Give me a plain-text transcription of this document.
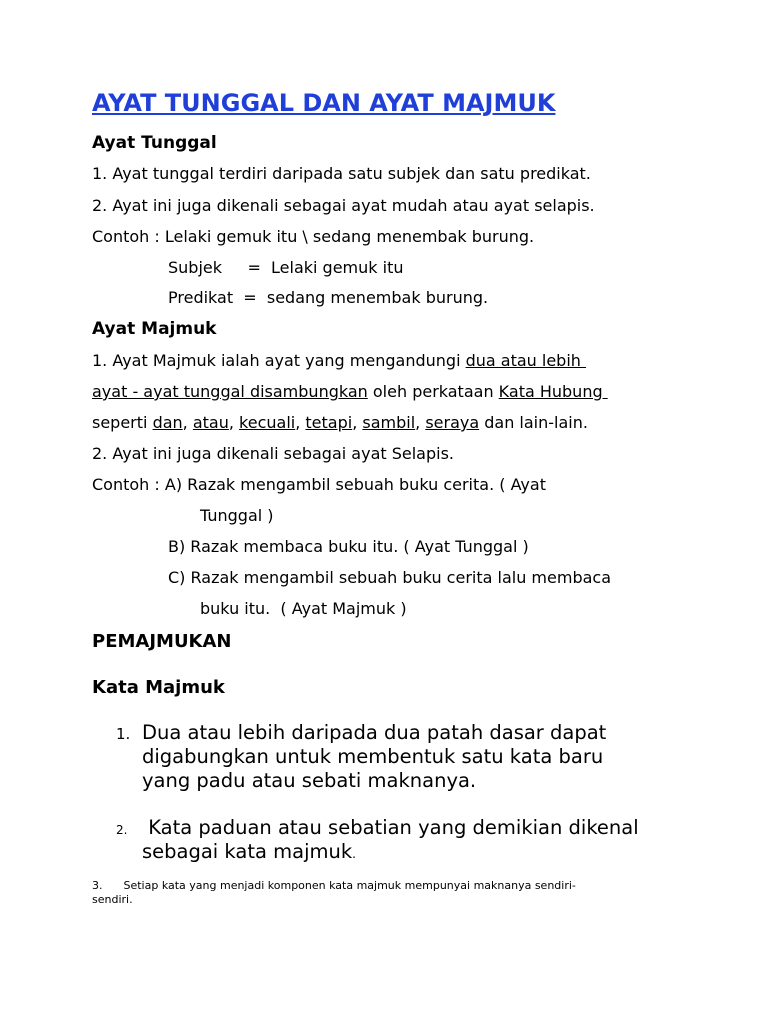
AYAT TUNGGAL DAN AYAT MAJMUK
Ayat Tunggal
1. Ayat tunggal terdiri daripada satu subjek dan satu predikat.
2. Ayat ini juga dikenali sebagai ayat mudah atau ayat selapis.
Contoh : Lelaki gemuk itu \ sedang menembak burung.
Subjek     =  Lelaki gemuk itu
Predikat  =  sedang menembak burung.
Ayat Majmuk
1. Ayat Majmuk ialah ayat yang mengandungi dua atau lebih
ayat - ayat tunggal disambungkan oleh perkataan Kata Hubung
seperti dan, atau, kecuali, tetapi, sambil, seraya dan lain-lain.
2. Ayat ini juga dikenali sebagai ayat Selapis.
Contoh : A) Razak mengambil sebuah buku cerita. ( Ayat
Tunggal )
B) Razak membaca buku itu. ( Ayat Tunggal )
C) Razak mengambil sebuah buku cerita lalu membaca
buku itu.  ( Ayat Majmuk )
PEMAJMUKAN
Kata Majmuk
1. Dua atau lebih daripada dua patah dasar dapat
digabungkan untuk membentuk satu kata baru
yang padu atau sebati maknanya.
2. Kata paduan atau sebatian yang demikian dikenal
sebagai kata majmuk.
3.      Setiap kata yang menjadi komponen kata majmuk mempunyai maknanya sendiri-
sendiri.
